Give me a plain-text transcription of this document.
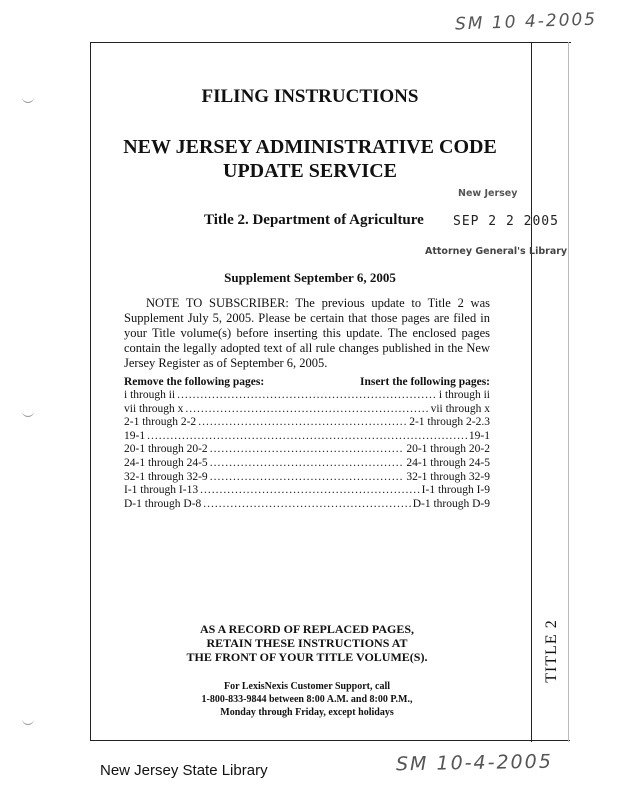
SM 10 4-2005
FILING INSTRUCTIONS
NEW JERSEY ADMINISTRATIVE CODE
UPDATE SERVICE
New Jersey
Title 2. Department of Agriculture SEP 2 2 2005
Attorney General's Library
Supplement September 6, 2005
NOTE TO SUBSCRIBER: The previous update to Title 2 was Supplement July 5, 2005. Please be certain that those pages are filed in your Title volume(s) before inserting this update. The enclosed pages contain the legally adopted text of all rule changes published in the New Jersey Register as of September 6, 2005.
Remove the following pages:	Insert the following pages:
i through ii .....	i through ii
vii through x .....	vii through x
2-1 through 2-2 .....	2-1 through 2-2.3
19-1 .....	19-1
20-1 through 20-2 .....	20-1 through 20-2
24-1 through 24-5 .....	24-1 through 24-5
32-1 through 32-9 .....	32-1 through 32-9
I-1 through I-13 .....	I-1 through I-9
D-1 through D-8 .....	D-1 through D-9
AS A RECORD OF REPLACED PAGES,
RETAIN THESE INSTRUCTIONS AT
THE FRONT OF YOUR TITLE VOLUME(S).
For LexisNexis Customer Support, call
1-800-833-9844 between 8:00 A.M. and 8:00 P.M.,
Monday through Friday, except holidays
TITLE 2
New Jersey State Library	SM 10-4-2005
